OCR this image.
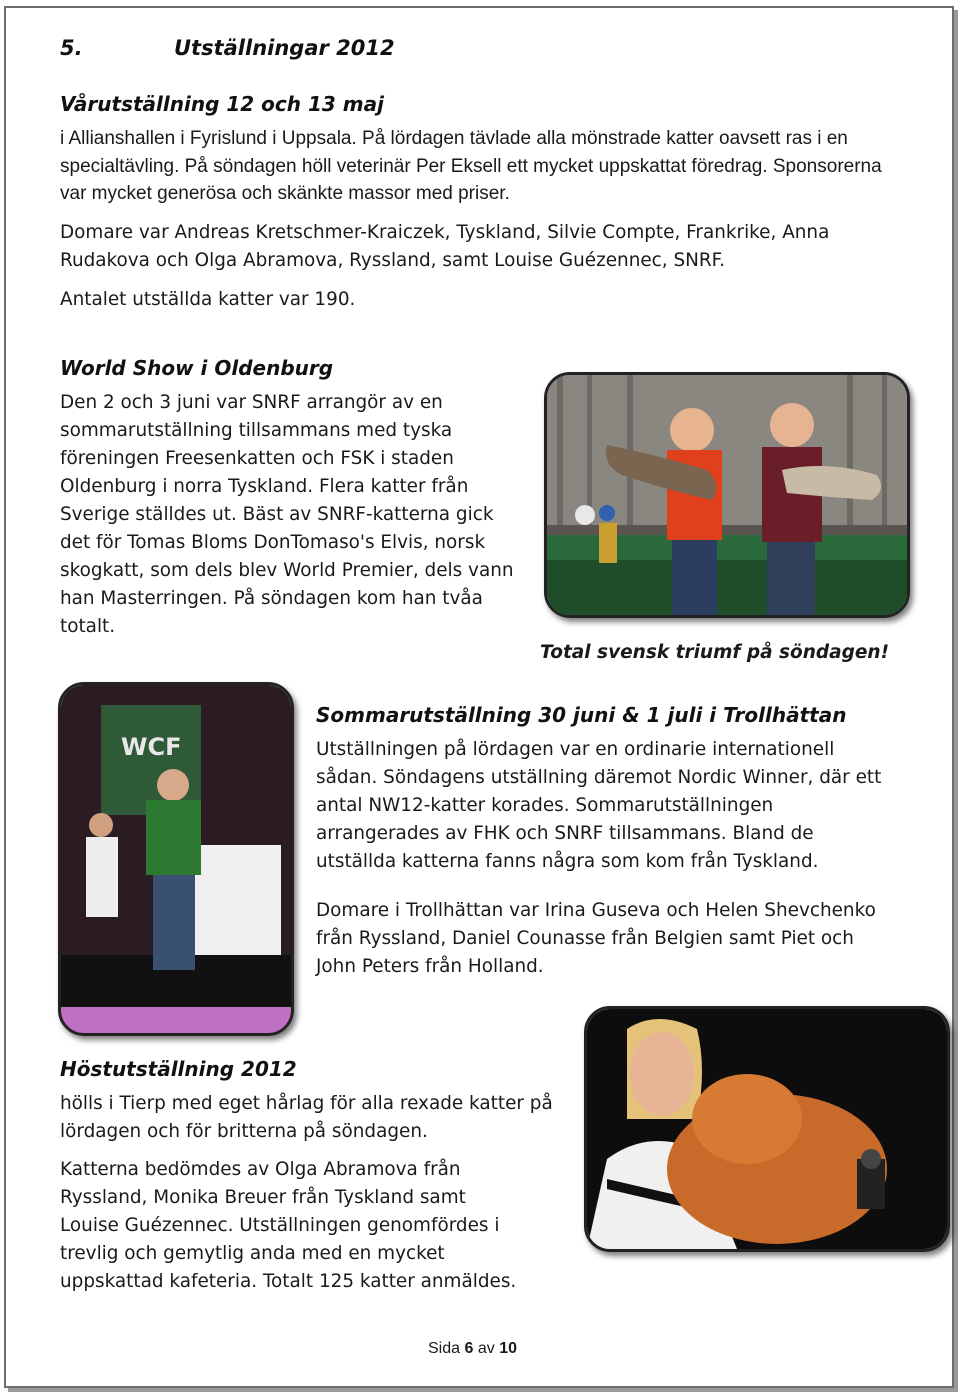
5.	Utställningar 2012
Vårutställning 12 och 13 maj

i Allianshallen i Fyrislund i Uppsala. På lördagen tävlade alla mönstrade katter oavsett ras i en specialtävling. På söndagen höll veterinär Per Eksell ett mycket uppskattat föredrag. Sponsorerna var mycket generösa och skänkte massor med priser.

Domare var Andreas Kretschmer-Kraiczek, Tyskland, Silvie Compte, Frankrike, Anna Rudakova och Olga Abramova, Ryssland, samt Louise Guézennec, SNRF.

Antalet utställda katter var 190.

World Show i Oldenburg

Den 2 och 3 juni var SNRF arrangör av en sommarutställning tillsammans med tyska föreningen Freesenkatten och FSK i staden Oldenburg i norra Tyskland. Flera katter från Sverige ställdes ut. Bäst av SNRF-katterna gick det för Tomas Bloms DonTomaso's Elvis, norsk skogkatt, som dels blev World Premier, dels vann han Masterringen. På söndagen kom han tvåa totalt.

Total svensk triumf på söndagen!
WCF
Sommarutställning 30 juni & 1 juli i Trollhättan

Utställningen på lördagen var en ordinarie internationell sådan. Söndagens utställning däremot Nordic Winner, där ett antal NW12-katter korades. Sommarutställningen arrangerades av FHK och SNRF tillsammans. Bland de utställda katterna fanns några som kom från Tyskland.

Domare i Trollhättan var Irina Guseva och Helen Shevchenko från Ryssland, Daniel Counasse från Belgien samt Piet och John Peters från Holland.

Höstutställning 2012

hölls i Tierp med eget hårlag för alla rexade katter på lördagen och för britterna på söndagen.

Katterna bedömdes av Olga Abramova från Ryssland, Monika Breuer från Tyskland samt Louise Guézennec. Utställningen genomfördes i trevlig och gemytlig anda med en mycket uppskattad kafeteria. Totalt 125 katter anmäldes.

Sida 6 av 10
